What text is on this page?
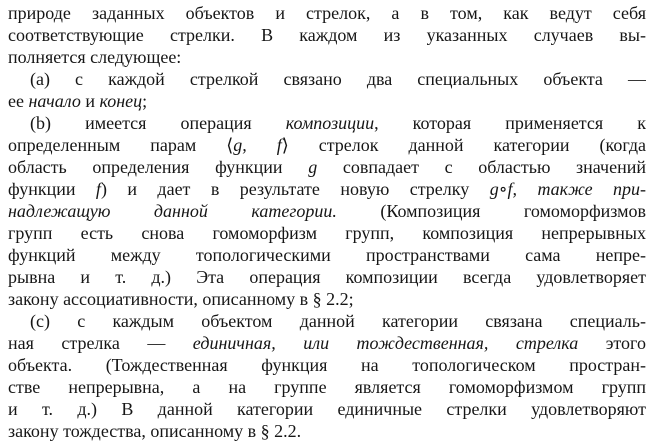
природе заданных объектов и стрелок, а в том, как ведут себя
соответствующие стрелки. В каждом из указанных случаев вы-
полняется следующее:
(a) с каждой стрелкой связано два специальных объекта —
ее начало и конец;
(b) имеется операция композиции, которая применяется к
определенным парам ⟨g, f⟩ стрелок данной категории (когда
область определения функции g совпадает с областью значений
функции f) и дает в результате новую стрелку g∘f, также при-
надлежащую данной категории. (Композиция гомоморфизмов
групп есть снова гомоморфизм групп, композиция непрерывных
функций между топологическими пространствами сама непре-
рывна и т. д.) Эта операция композиции всегда удовлетворяет
закону ассоциативности, описанному в § 2.2;
(c) с каждым объектом данной категории связана специаль-
ная стрелка — единичная, или тождественная, стрелка этого
объекта. (Тождественная функция на топологическом простран-
стве непрерывна, а на группе является гомоморфизмом групп
и т. д.) В данной категории единичные стрелки удовлетворяют
закону тождества, описанному в § 2.2.
